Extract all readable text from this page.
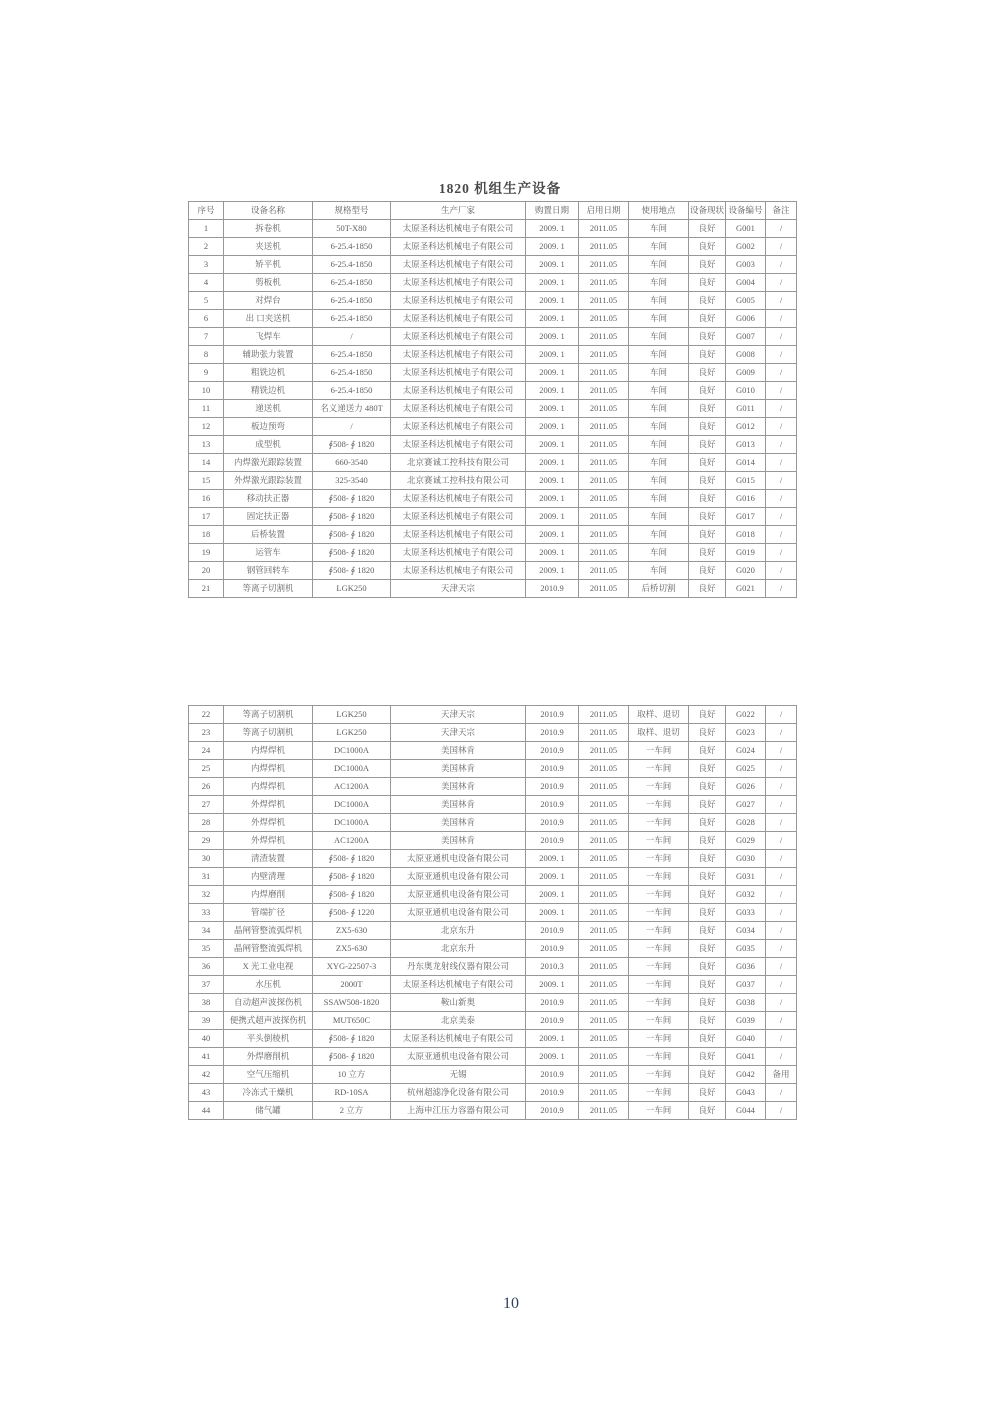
1820 机组生产设备
序号	设备名称	规格型号	生产厂家	购置日期	启用日期	使用地点	设备现状	设备编号	备注
1	拆卷机	50T-X80	太原圣科达机械电子有限公司	2009. 1	2011.05	车间	良好	G001	/
2	夹送机	6-25.4-1850	太原圣科达机械电子有限公司	2009. 1	2011.05	车间	良好	G002	/
3	矫平机	6-25.4-1850	太原圣科达机械电子有限公司	2009. 1	2011.05	车间	良好	G003	/
4	剪板机	6-25.4-1850	太原圣科达机械电子有限公司	2009. 1	2011.05	车间	良好	G004	/
5	对焊台	6-25.4-1850	太原圣科达机械电子有限公司	2009. 1	2011.05	车间	良好	G005	/
6	出 口夹送机	6-25.4-1850	太原圣科达机械电子有限公司	2009. 1	2011.05	车间	良好	G006	/
7	飞焊车	/	太原圣科达机械电子有限公司	2009. 1	2011.05	车间	良好	G007	/
8	辅助张力装置	6-25.4-1850	太原圣科达机械电子有限公司	2009. 1	2011.05	车间	良好	G008	/
9	粗铣边机	6-25.4-1850	太原圣科达机械电子有限公司	2009. 1	2011.05	车间	良好	G009	/
10	精铣边机	6-25.4-1850	太原圣科达机械电子有限公司	2009. 1	2011.05	车间	良好	G010	/
11	递送机	名义递送力 480T	太原圣科达机械电子有限公司	2009. 1	2011.05	车间	良好	G011	/
12	板边预弯	/	太原圣科达机械电子有限公司	2009. 1	2011.05	车间	良好	G012	/
13	成型机	∮508- ∮ 1820	太原圣科达机械电子有限公司	2009. 1	2011.05	车间	良好	G013	/
14	内焊激光跟踪装置	660-3540	北京赛诚工控科技有限公司	2009. 1	2011.05	车间	良好	G014	/
15	外焊激光跟踪装置	325-3540	北京赛诚工控科技有限公司	2009. 1	2011.05	车间	良好	G015	/
16	移动扶正器	∮508- ∮ 1820	太原圣科达机械电子有限公司	2009. 1	2011.05	车间	良好	G016	/
17	固定扶正器	∮508- ∮ 1820	太原圣科达机械电子有限公司	2009. 1	2011.05	车间	良好	G017	/
18	后桥装置	∮508- ∮ 1820	太原圣科达机械电子有限公司	2009. 1	2011.05	车间	良好	G018	/
19	运管车	∮508- ∮ 1820	太原圣科达机械电子有限公司	2009. 1	2011.05	车间	良好	G019	/
20	钢管回转车	∮508- ∮ 1820	太原圣科达机械电子有限公司	2009. 1	2011.05	车间	良好	G020	/
21	等离子切割机	LGK250	天津天宗	2010.9	2011.05	后桥切割	良好	G021	/
22	等离子切割机	LGK250	天津天宗	2010.9	2011.05	取样、退切	良好	G022	/
23	等离子切割机	LGK250	天津天宗	2010.9	2011.05	取样、退切	良好	G023	/
24	内焊焊机	DC1000A	美国林肯	2010.9	2011.05	一车间	良好	G024	/
25	内焊焊机	DC1000A	美国林肯	2010.9	2011.05	一车间	良好	G025	/
26	内焊焊机	AC1200A	美国林肯	2010.9	2011.05	一车间	良好	G026	/
27	外焊焊机	DC1000A	美国林肯	2010.9	2011.05	一车间	良好	G027	/
28	外焊焊机	DC1000A	美国林肯	2010.9	2011.05	一车间	良好	G028	/
29	外焊焊机	AC1200A	美国林肯	2010.9	2011.05	一车间	良好	G029	/
30	清渣装置	∮508- ∮ 1820	太原亚通机电设备有限公司	2009. 1	2011.05	一车间	良好	G030	/
31	内壁清理	∮508- ∮ 1820	太原亚通机电设备有限公司	2009. 1	2011.05	一车间	良好	G031	/
32	内焊磨削	∮508- ∮ 1820	太原亚通机电设备有限公司	2009. 1	2011.05	一车间	良好	G032	/
33	管端扩径	∮508- ∮ 1220	太原亚通机电设备有限公司	2009. 1	2011.05	一车间	良好	G033	/
34	晶闸管整流弧焊机	ZX5-630	北京东升	2010.9	2011.05	一车间	良好	G034	/
35	晶闸管整流弧焊机	ZX5-630	北京东升	2010.9	2011.05	一车间	良好	G035	/
36	X 光工业电视	XYG-22507-3	丹东奥龙射线仪器有限公司	2010.3	2011.05	一车间	良好	G036	/
37	水压机	2000T	太原圣科达机械电子有限公司	2009. 1	2011.05	一车间	良好	G037	/
38	自动超声波探伤机	SSAW508-1820	鞍山新奥	2010.9	2011.05	一车间	良好	G038	/
39	便携式超声波探伤机	MUT650C	北京美泰	2010.9	2011.05	一车间	良好	G039	/
40	平头倒棱机	∮508- ∮ 1820	太原圣科达机械电子有限公司	2009. 1	2011.05	一车间	良好	G040	/
41	外焊磨削机	∮508- ∮ 1820	太原亚通机电设备有限公司	2009. 1	2011.05	一车间	良好	G041	/
42	空气压缩机	10 立方	无锡	2010.9	2011.05	一车间	良好	G042	备用
43	冷冻式干燥机	RD-10SA	杭州超滤净化设备有限公司	2010.9	2011.05	一车间	良好	G043	/
44	储气罐	2 立方	上海申江压力容器有限公司	2010.9	2011.05	一车间	良好	G044	/
10
